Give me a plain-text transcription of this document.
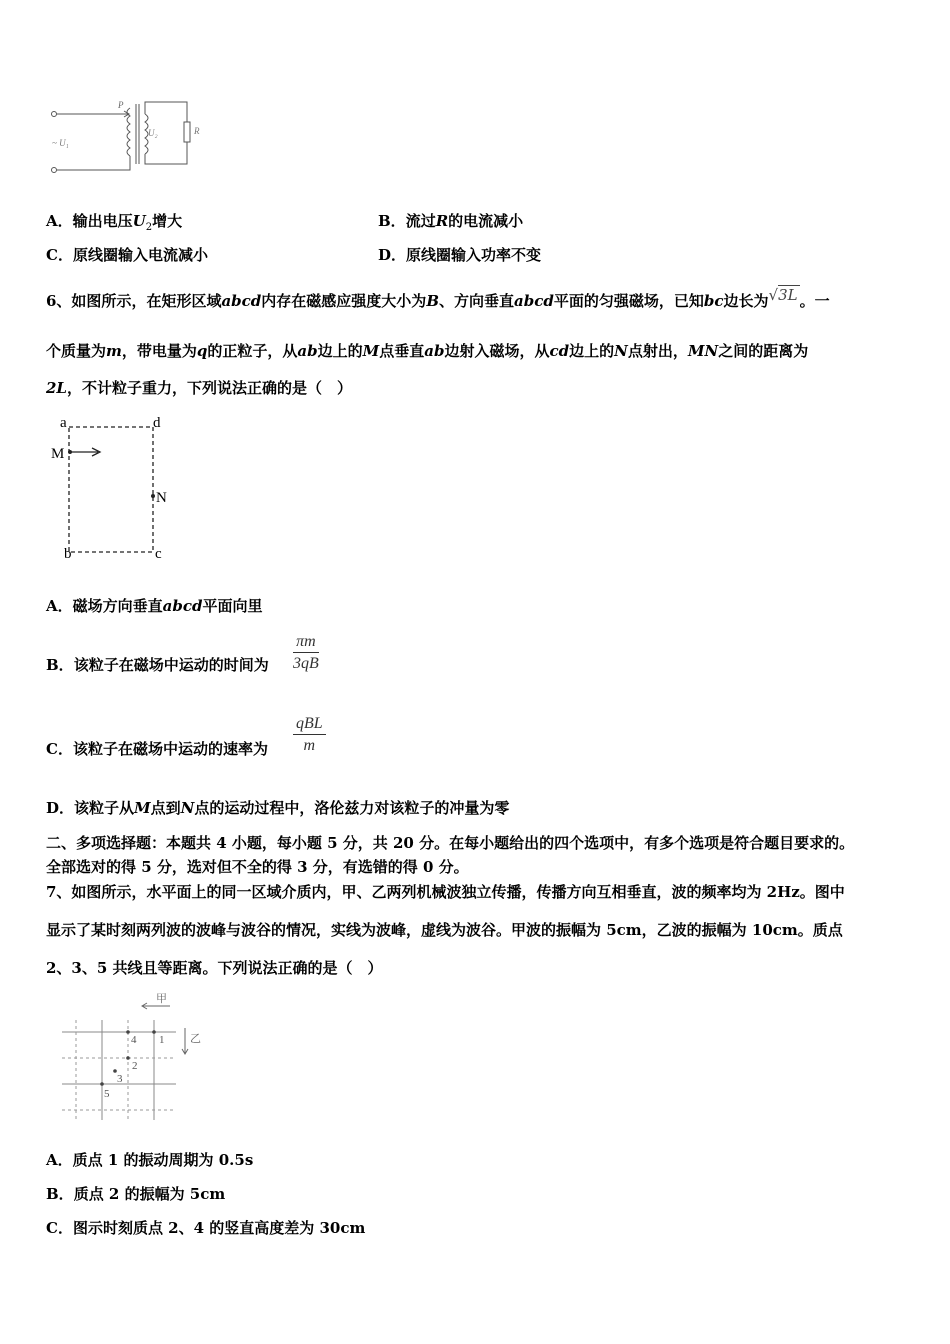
P
~ U₁
U₂	R
A．输出电压$U_2$增大	B．流过R的电流减小
C．原线圈输入电流减小	D．原线圈输入功率不变
6、如图所示，在矩形区域abcd内存在磁感应强度大小为B、方向垂直abcd平面的匀强磁场，已知bc边长为√3L 。一
个质量为m，带电量为q的正粒子，从ab边上的M点垂直ab边射入磁场，从cd边上的N点射出，MN之间的距离为
2L，不计粒子重力，下列说法正确的是（　）
a	d
b	c
M
N
A．磁场方向垂直abcd平面向里
B．该粒子在磁场中运动的时间为 $\frac{\pi m}{3qB}$
C．该粒子在磁场中运动的速率为
qBL
m
D．该粒子从M点到N点的运动过程中，洛伦兹力对该粒子的冲量为零
二、多项选择题：本题共 4 小题，每小题 5 分，共 20 分。在每小题给出的四个选项中，有多个选项是符合题目要求的。
全部选对的得 5 分，选对但不全的得 3 分，有选错的得 0 分。
7、如图所示，水平面上的同一区域介质内，甲、乙两列机械波独立传播，传播方向互相垂直，波的频率均为 2Hz。图中
显示了某时刻两列波的波峰与波谷的情况，实线为波峰，虚线为波谷。甲波的振幅为 5cm，乙波的振幅为 10cm。质点
2、3、5 共线且等距离。下列说法正确的是（　）
甲
乙
1
4
2
3
5
A．质点 1 的振动周期为 0.5s
B．质点 2 的振幅为 5cm
C．图示时刻质点 2、4 的竖直高度差为 30cm
